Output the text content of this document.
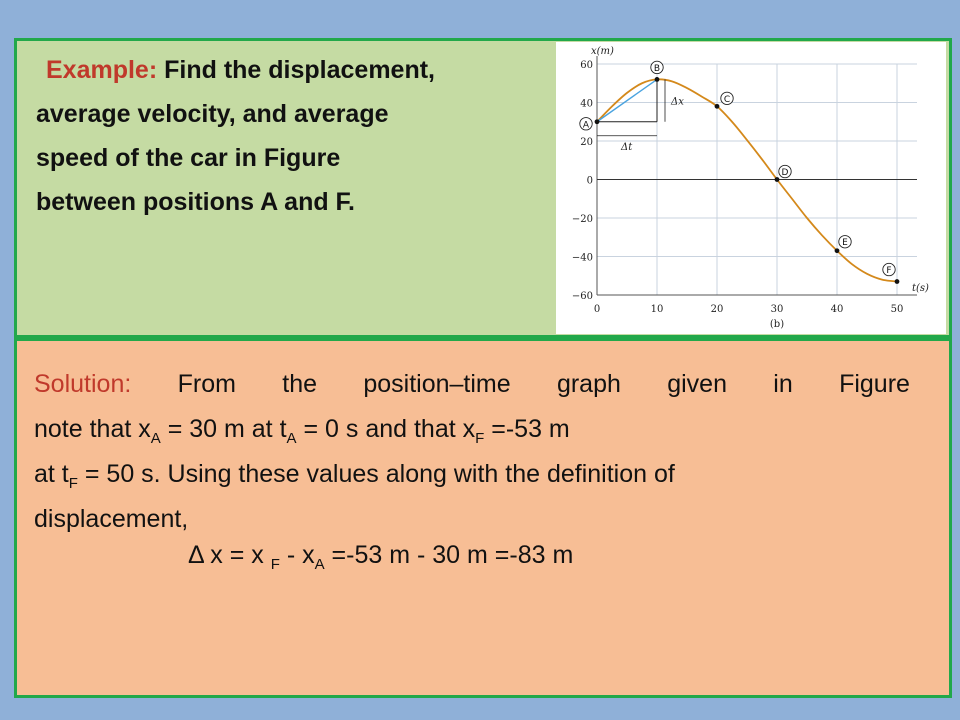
Example: Find the displacement,
average velocity, and average
speed of the car in Figure
between positions A and F.
0	10	20	30	40	50
−60
−40
−20
0
20
40
60
x(m)
t(s)
(b)
Δx
Δt
A
B
C
D
E
F
Solution: From the position–time graph given in Figure
note that $x_A = 30$ m at $t_A = 0$ s and that $x_F =-53$ m
at $t_F = 50$ s. Using these values along with the deﬁnition of
displacement,
Δ x = x $_F - x_A =-53$ m - 30 m =-83 m
